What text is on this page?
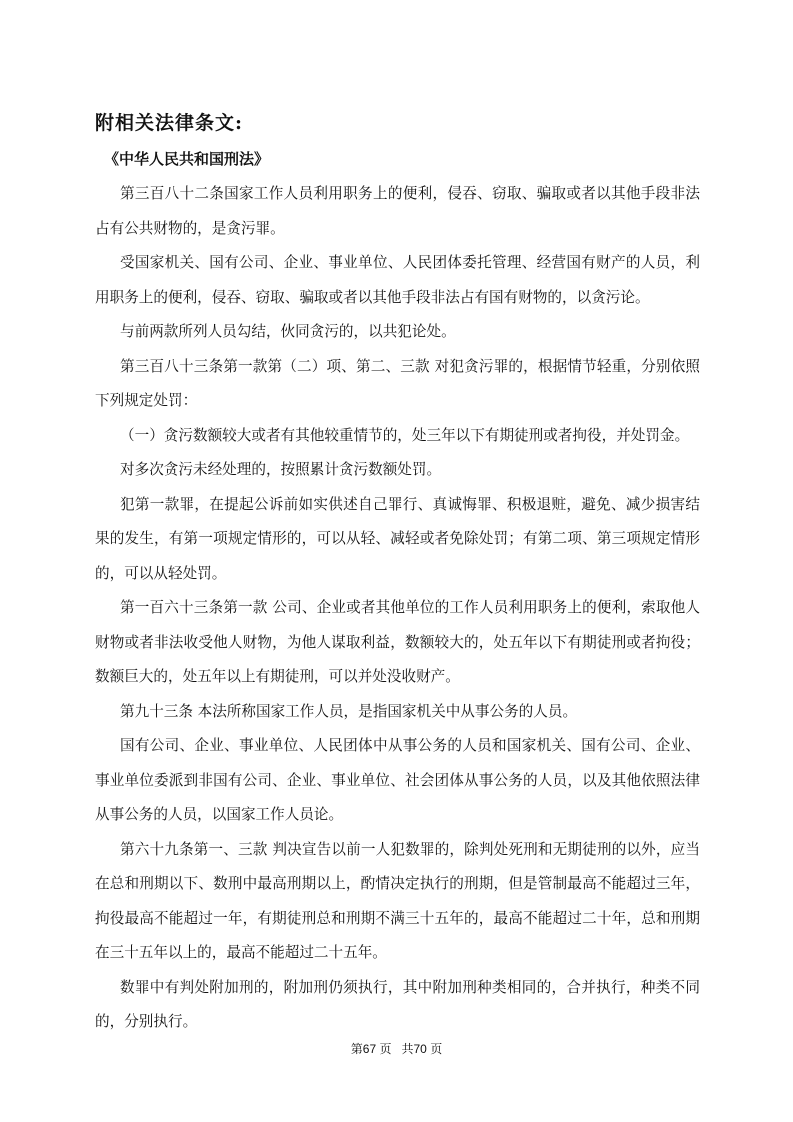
附相关法律条文:
《中华人民共和国刑法》

第三百八十二条国家工作人员利用职务上的便利，侵吞、窃取、骗取或者以其他手段非法占有公共财物的，是贪污罪。

受国家机关、国有公司、企业、事业单位、人民团体委托管理、经营国有财产的人员，利用职务上的便利，侵吞、窃取、骗取或者以其他手段非法占有国有财物的，以贪污论。

与前两款所列人员勾结，伙同贪污的，以共犯论处。

第三百八十三条第一款第（二）项、第二、三款 对犯贪污罪的，根据情节轻重，分别依照下列规定处罚：

（一）贪污数额较大或者有其他较重情节的，处三年以下有期徒刑或者拘役，并处罚金。

对多次贪污未经处理的，按照累计贪污数额处罚。

犯第一款罪，在提起公诉前如实供述自己罪行、真诚悔罪、积极退赃，避免、减少损害结果的发生，有第一项规定情形的，可以从轻、减轻或者免除处罚；有第二项、第三项规定情形的，可以从轻处罚。

第一百六十三条第一款 公司、企业或者其他单位的工作人员利用职务上的便利，索取他人财物或者非法收受他人财物，为他人谋取利益，数额较大的，处五年以下有期徒刑或者拘役；数额巨大的，处五年以上有期徒刑，可以并处没收财产。

第九十三条 本法所称国家工作人员，是指国家机关中从事公务的人员。

国有公司、企业、事业单位、人民团体中从事公务的人员和国家机关、国有公司、企业、事业单位委派到非国有公司、企业、事业单位、社会团体从事公务的人员，以及其他依照法律从事公务的人员，以国家工作人员论。

第六十九条第一、三款 判决宣告以前一人犯数罪的，除判处死刑和无期徒刑的以外，应当在总和刑期以下、数刑中最高刑期以上，酌情决定执行的刑期，但是管制最高不能超过三年，拘役最高不能超过一年，有期徒刑总和刑期不满三十五年的，最高不能超过二十年，总和刑期在三十五年以上的，最高不能超过二十五年。

数罪中有判处附加刑的，附加刑仍须执行，其中附加刑种类相同的，合并执行，种类不同的，分别执行。

第67 页   共70 页
